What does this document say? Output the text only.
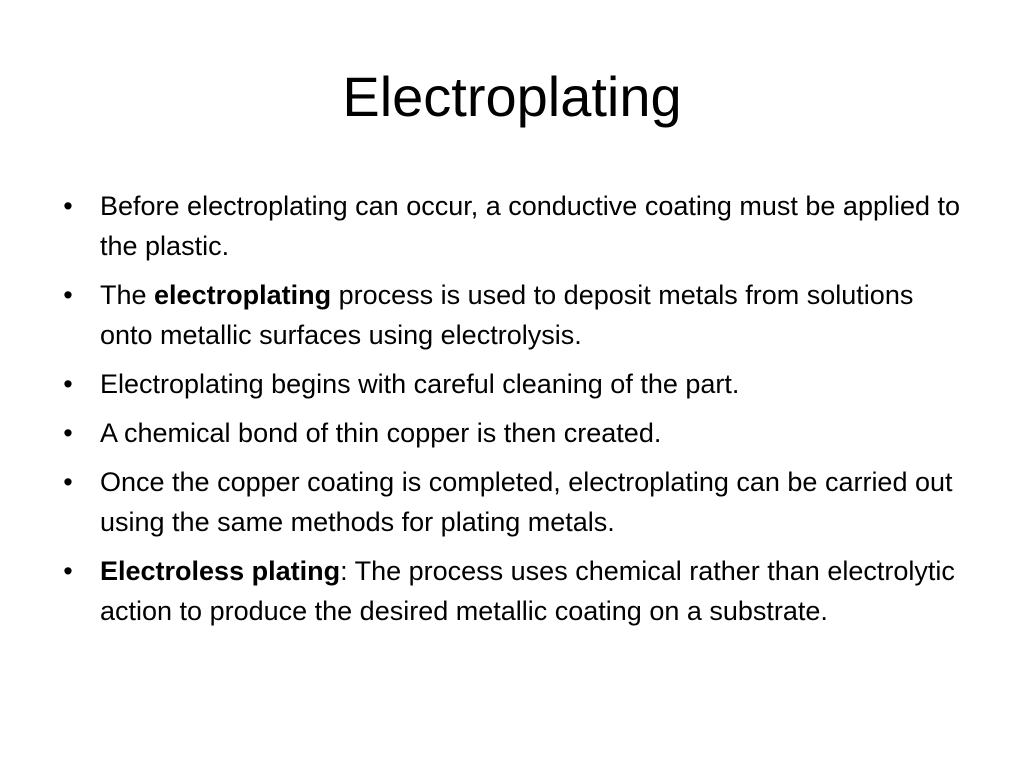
Electroplating
• Before electroplating can occur, a conductive coating must be applied to the plastic.
• The electroplating process is used to deposit metals from solutions onto metallic surfaces using electrolysis.
• Electroplating begins with careful cleaning of the part.
• A chemical bond of thin copper is then created.
• Once the copper coating is completed, electroplating can be carried out using the same methods for plating metals.
• Electroless plating: The process uses chemical rather than electrolytic action to produce the desired metallic coating on a substrate.
